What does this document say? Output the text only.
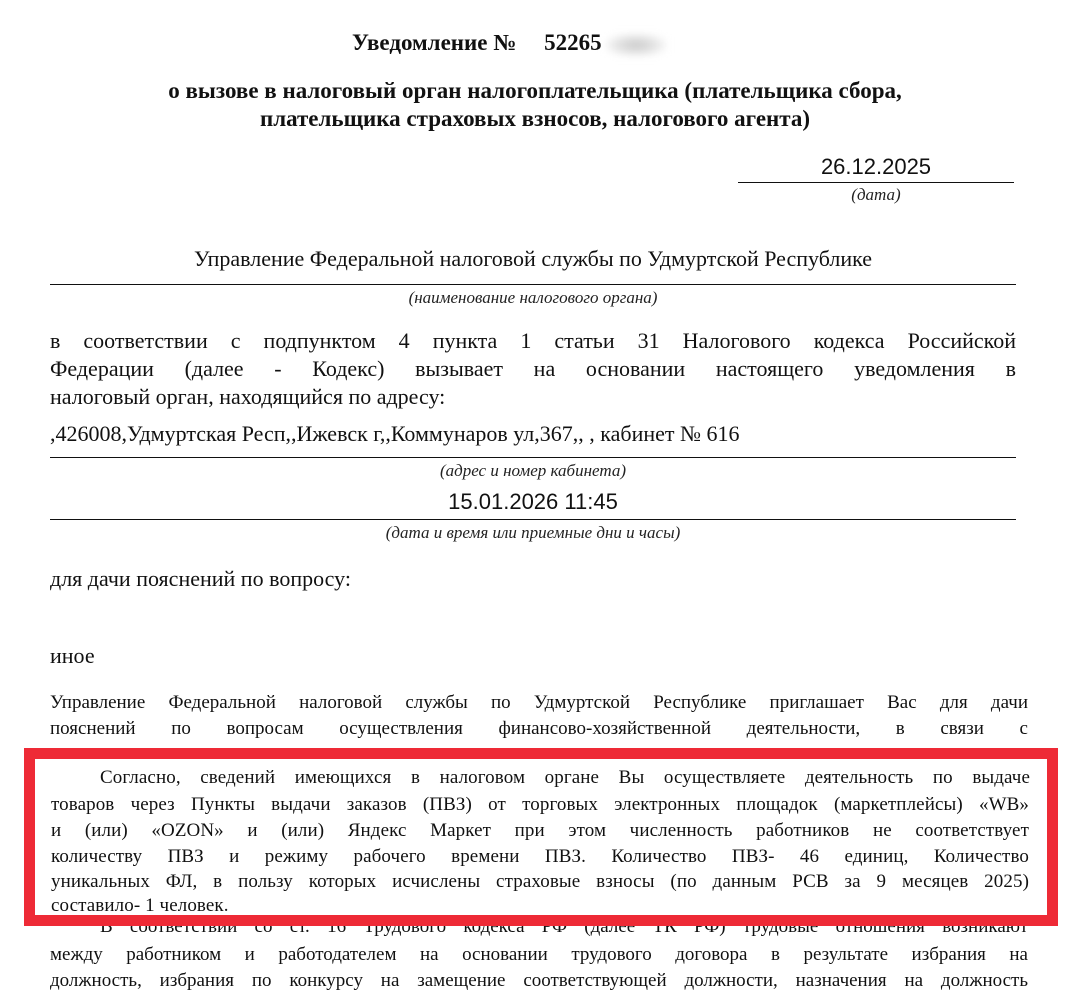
Уведомление № 52265
о вызове в налоговый орган налогоплательщика (плательщика сбора,
плательщика страховых взносов, налогового агента)
26.12.2025
(дата)
Управление Федеральной налоговой службы по Удмуртской Республике
(наименование налогового органа)
в соответствии с подпунктом 4 пункта 1 статьи 31 Налогового кодекса Российской
Федерации (далее - Кодекс) вызывает на основании настоящего уведомления в
налоговый орган, находящийся по адресу:
,426008,Удмуртская Респ,,Ижевск г,,Коммунаров ул,367,, , кабинет № 616
(адрес и номер кабинета)
15.01.2026 11:45
(дата и время или приемные дни и часы)
для дачи пояснений по вопросу:
иное
Управление Федеральной налоговой службы по Удмуртской Республике приглашает Вас для дачи
пояснений по вопросам осуществления финансово-хозяйственной деятельности, в связи с
Согласно, сведений имеющихся в налоговом органе Вы осуществляете деятельность по выдаче
товаров через Пункты выдачи заказов (ПВЗ) от торговых электронных площадок (маркетплейсы) «WB»
и (или) «OZON» и (или) Яндекс Маркет при этом численность работников не соответствует
количеству ПВЗ и режиму рабочего времени ПВЗ. Количество ПВЗ- 46 единиц, Количество
уникальных ФЛ, в пользу которых исчислены страховые взносы (по данным РСВ за 9 месяцев 2025)
составило- 1 человек.
В соответствии со ст. 16 Трудового кодекса РФ (далее ТК РФ) трудовые отношения возникают
между работником и работодателем на основании трудового договора в результате избрания на
должность, избрания по конкурсу на замещение соответствующей должности, назначения на должность
